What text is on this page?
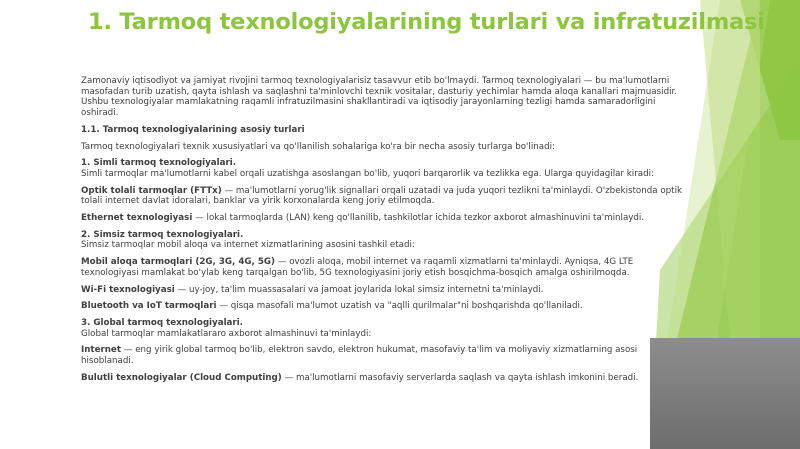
1. Tarmoq texnologiyalarining turlari va infratuzilmasi

Zamonaviy iqtisodiyot va jamiyat rivojini tarmoq texnologiyalarisiz tasavvur etib bo'lmaydi. Tarmoq texnologiyalari — bu ma'lumotlarni masofadan turib uzatish, qayta ishlash va saqlashni ta'minlovchi texnik vositalar, dasturiy yechimlar hamda aloqa kanallari majmuasidir. Ushbu texnologiyalar mamlakatning raqamli infratuzilmasini shakllantiradi va iqtisodiy jarayonlarning tezligi hamda samaradorligini oshiradi.

1.1. Tarmoq texnologiyalarining asosiy turlari

Tarmoq texnologiyalari texnik xususiyatlari va qo'llanilish sohalariga ko'ra bir necha asosiy turlarga bo'linadi:

1. Simli tarmoq texnologiyalari.
Simli tarmoqlar ma'lumotlarni kabel orqali uzatishga asoslangan bo'lib, yuqori barqarorlik va tezlikka ega. Ularga quyidagilar kiradi:

Optik tolali tarmoqlar (FTTx) — ma'lumotlarni yorug'lik signallari orqali uzatadi va juda yuqori tezlikni ta'minlaydi. O'zbekistonda optik tolali internet davlat idoralari, banklar va yirik korxonalarda keng joriy etilmoqda.

Ethernet texnologiyasi — lokal tarmoqlarda (LAN) keng qo'llanilib, tashkilotlar ichida tezkor axborot almashinuvini ta'minlaydi.

2. Simsiz tarmoq texnologiyalari.
Simsiz tarmoqlar mobil aloqa va internet xizmatlarining asosini tashkil etadi:

Mobil aloqa tarmoqlari (2G, 3G, 4G, 5G) — ovozli aloqa, mobil internet va raqamli xizmatlarni ta'minlaydi. Ayniqsa, 4G LTE texnologiyasi mamlakat bo'ylab keng tarqalgan bo'lib, 5G texnologiyasini joriy etish bosqichma-bosqich amalga oshirilmoqda.

Wi-Fi texnologiyasi — uy-joy, ta'lim muassasalari va jamoat joylarida lokal simsiz internetni ta'minlaydi.

Bluetooth va IoT tarmoqlari — qisqa masofali ma'lumot uzatish va "aqlli qurilmalar"ni boshqarishda qo'llaniladi.

3. Global tarmoq texnologiyalari.
Global tarmoqlar mamlakatlararo axborot almashinuvi ta'minlaydi:

Internet — eng yirik global tarmoq bo'lib, elektron savdo, elektron hukumat, masofaviy ta'lim va moliyaviy xizmatlarning asosi hisoblanadi.

Bulutli texnologiyalar (Cloud Computing) — ma'lumotlarni masofaviy serverlarda saqlash va qayta ishlash imkonini beradi.
